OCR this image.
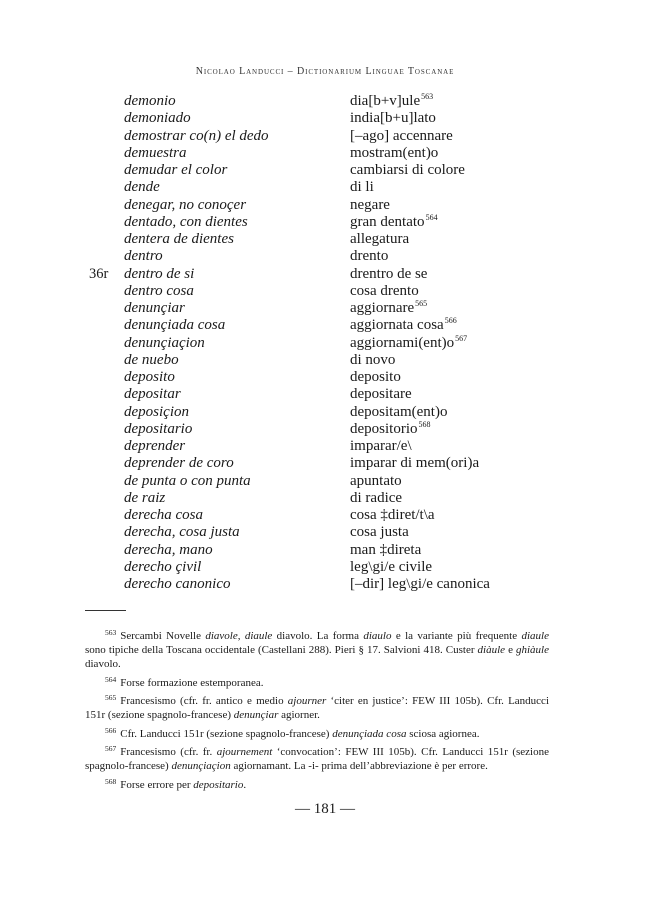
Nicolao Landucci – Dictionarium Linguae Toscanae
demonio	dia[b+v]ule$^{563}$
demoniado	india[b+u]lato
demostrar co(n) el dedo	[–ago] accennare
demuestra	mostram(ent)o
demudar el color	cambiarsi di colore
dende	di li
denegar, no conoçer	negare
dentado, con dientes	gran dentato$^{564}$
dentera de dientes	allegatura
dentro	drento
36r dentro de si	drentro de se
dentro cosa	cosa drento
denunçiar	aggiornare$^{565}$
denunçiada cosa	aggiornata cosa$^{566}$
denunçiaçion	$aggiornami(ent)o^{567}$
de nuebo	di novo
deposito	deposito
depositar	depositare
deposiçion	depositam(ent)o
depositario	depositorio$^{568}$
deprender	imparar/e\
deprender de coro	imparar di mem(ori)a
de punta o con punta	apuntato
de raiz	di radice
derecha cosa	cosa ‡diret/t\a
derecha, cosa justa	cosa justa
derecha, mano	man ‡direta
derecho çivil	leg\gi/e civile
derecho canonico	[–dir] leg\gi/e canonica
$^{563}$ Sercambi Novelle diavole, diaule diavolo. La forma diaulo e la variante più frequente diaule sono tipiche della Toscana occidentale (Castellani 288). Pieri § 17. Salvioni 418. Custer diàule e ghiàule diavolo.
$^{564}$ Forse formazione estemporanea.
$^{565}$ Francesismo (cfr. fr. antico e medio ajourner ‘citer en justice’: FEW III 105b). Cfr. Landucci 151r (sezione spagnolo-francese) denunçiar agiorner.
$^{566}$ Cfr. Landucci 151r (sezione spagnolo-francese) denunçiada cosa sciosa agiornea.
$^{567}$ Francesismo (cfr. fr. ajournement ‘convocation’: FEW III 105b). Cfr. Landucci 151r (sezione spagnolo-francese) denunçiaçion agiornamant. La -i- prima dell’abbreviazione è per errore.
$^{568}$ Forse errore per depositario.
— 181 —
